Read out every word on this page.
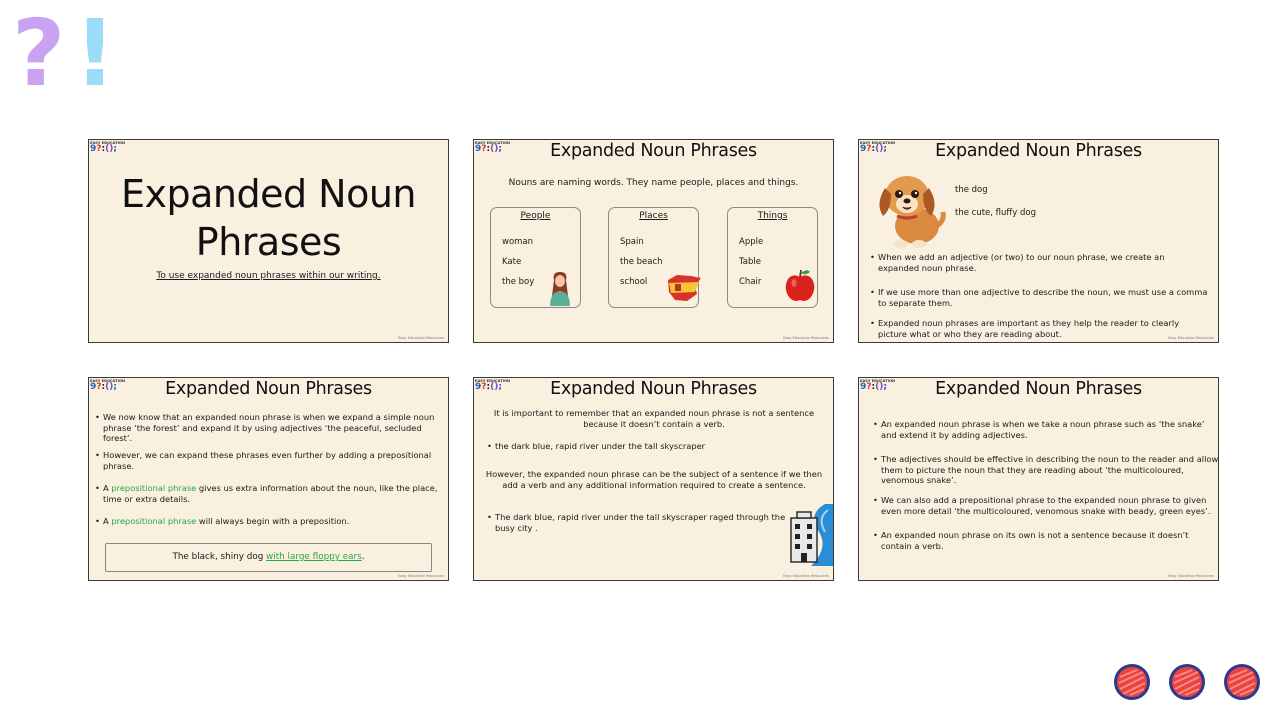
? !
EASY EDUCATION
9?:();
Expanded Noun
Phrases
To use expanded noun phrases within our writing.
Easy Education Resources
EASY EDUCATION
9?:();	Expanded Noun Phrases
Nouns are naming words. They name people, places and things.
People
woman
Kate
the boy
Places
Spain
the beach
school
Things
Apple
Table
Chair
Easy Education Resources
EASY EDUCATION
9?:();	Expanded Noun Phrases
the dog
the cute, fluffy dog
• When we add an adjective (or two) to our noun phrase, we create an expanded noun phrase.
• If we use more than one adjective to describe the noun, we must use a comma to separate them.
• Expanded noun phrases are important as they help the reader to clearly picture what or who they are reading about.	Easy Education Resources
EASY EDUCATION
9?:();	Expanded Noun Phrases
• We now know that an expanded noun phrase is when we expand a simple noun phrase ‘the forest’ and expand it by using adjectives ‘the peaceful, secluded forest’.
• However, we can expand these phrases even further by adding a prepositional phrase.
• A prepositional phrase gives us extra information about the noun, like the place, time or extra details.
• A prepositional phrase will always begin with a preposition.
The black, shiny dog with large floppy ears.
Easy Education Resources
EASY EDUCATION
9?:();	Expanded Noun Phrases
It is important to remember that an expanded noun phrase is not a sentence because it doesn’t contain a verb.
• the dark blue, rapid river under the tall skyscraper
However, the expanded noun phrase can be the subject of a sentence if we then add a verb and any additional information required to create a sentence.
• The dark blue, rapid river under the tall skyscraper raged through the busy city .
Easy Education Resources
EASY EDUCATION
9?:();	Expanded Noun Phrases
• An expanded noun phrase is when we take a noun phrase such as ‘the snake’ and extend it by adding adjectives.
• The adjectives should be effective in describing the noun to the reader and allow them to picture the noun that they are reading about ‘the multicoloured, venomous snake’.
• We can also add a prepositional phrase to the expanded noun phrase to given even more detail ‘the multicoloured, venomous snake with beady, green eyes’.
• An expanded noun phrase on its own is not a sentence because it doesn’t contain a verb.
Easy Education Resources
